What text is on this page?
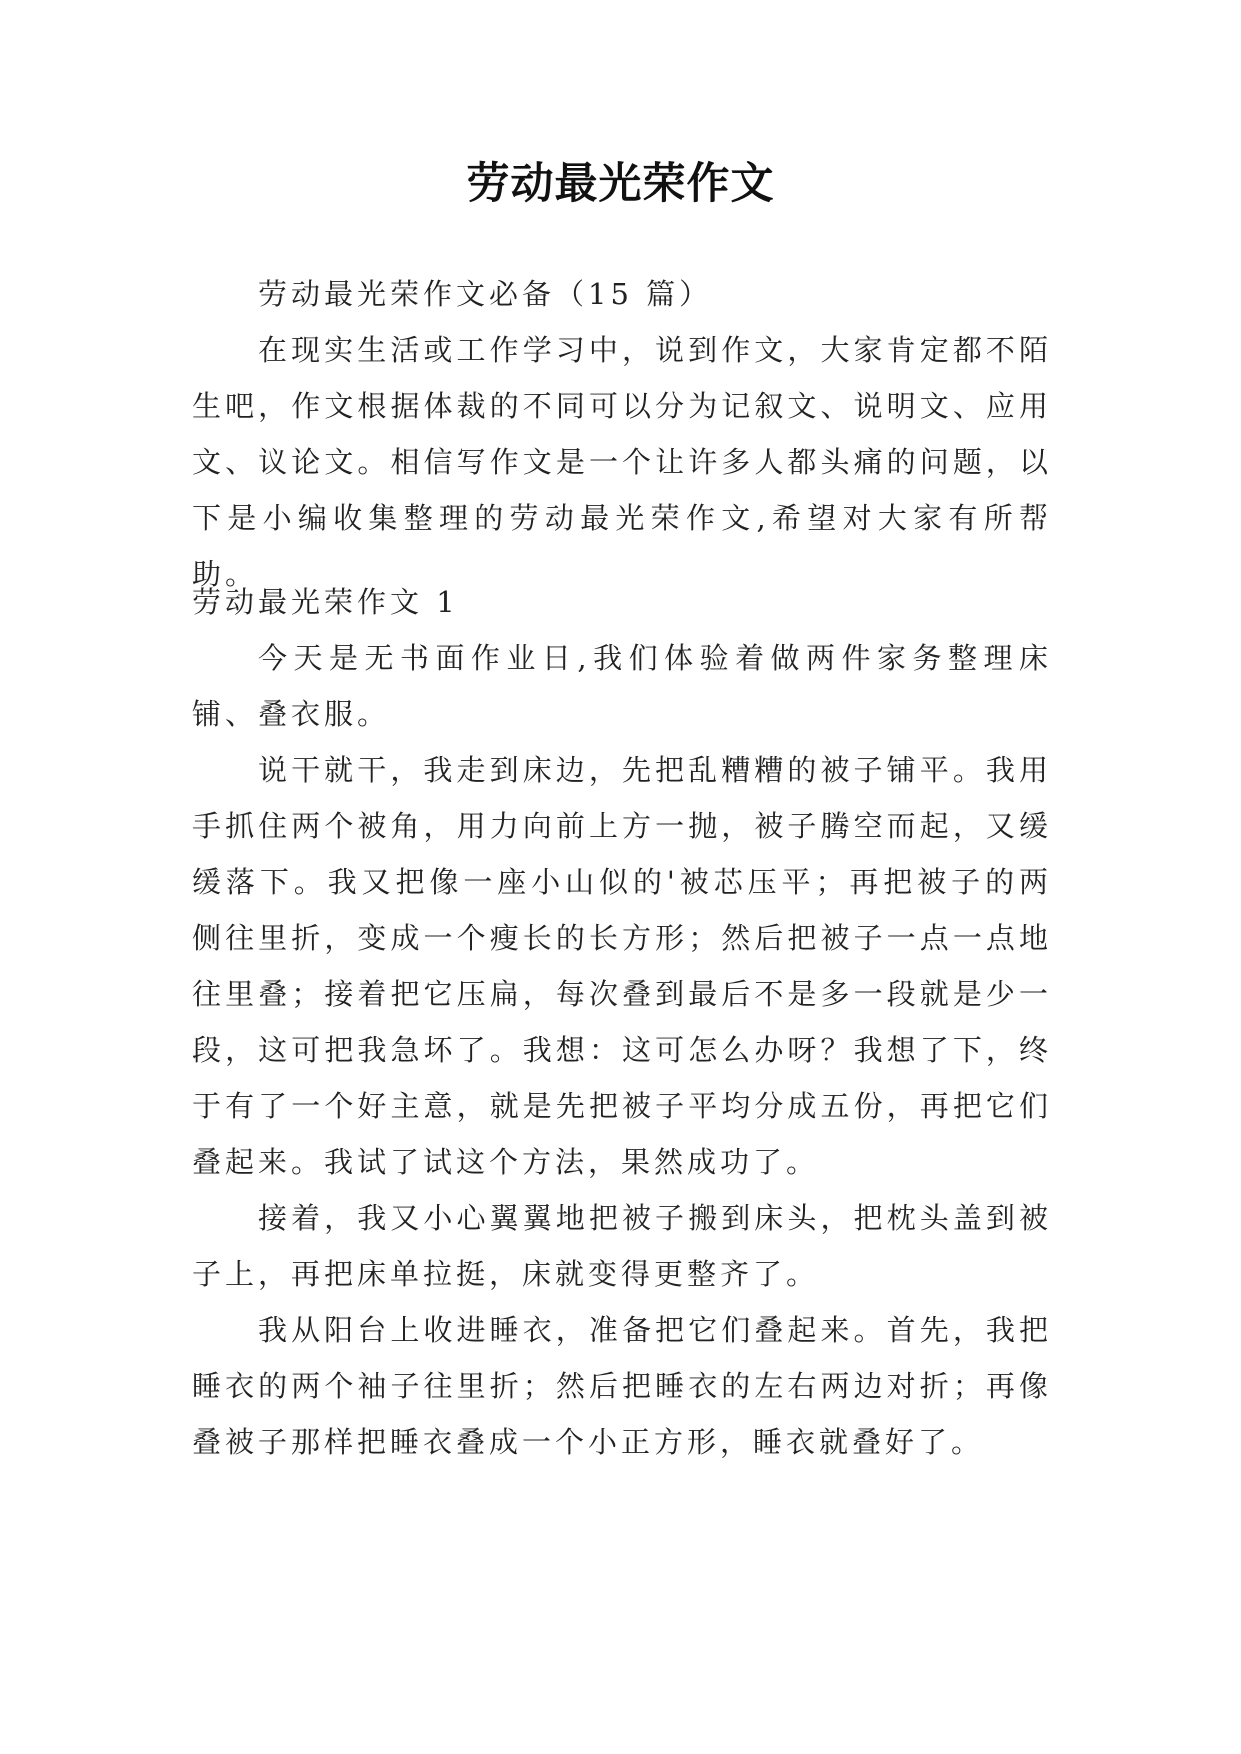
劳动最光荣作文

劳动最光荣作文必备（15 篇）

在现实生活或工作学习中，说到作文，大家肯定都不陌生吧，作文根据体裁的不同可以分为记叙文、说明文、应用文、议论文。相信写作文是一个让许多人都头痛的问题，以下是小编收集整理的劳动最光荣作文,希望对大家有所帮助。

劳动最光荣作文 1

今天是无书面作业日,我们体验着做两件家务整理床铺、叠衣服。

说干就干，我走到床边，先把乱糟糟的被子铺平。我用手抓住两个被角，用力向前上方一抛，被子腾空而起，又缓缓落下。我又把像一座小山似的'被芯压平；再把被子的两侧往里折，变成一个瘦长的长方形；然后把被子一点一点地往里叠；接着把它压扁，每次叠到最后不是多一段就是少一段，这可把我急坏了。我想：这可怎么办呀？我想了下，终于有了一个好主意，就是先把被子平均分成五份，再把它们叠起来。我试了试这个方法，果然成功了。

接着，我又小心翼翼地把被子搬到床头，把枕头盖到被子上，再把床单拉挺，床就变得更整齐了。

我从阳台上收进睡衣，准备把它们叠起来。首先，我把睡衣的两个袖子往里折；然后把睡衣的左右两边对折；再像叠被子那样把睡衣叠成一个小正方形，睡衣就叠好了。
